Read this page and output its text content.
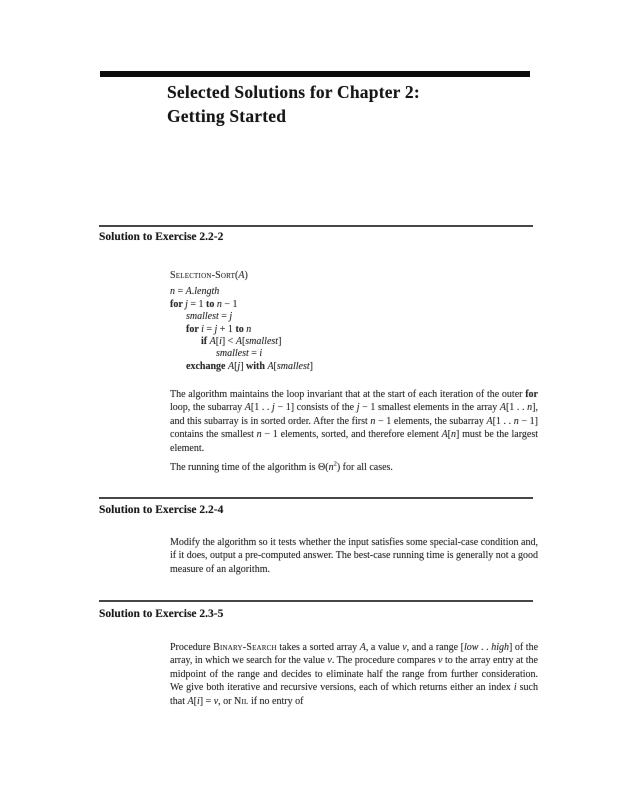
Selected Solutions for Chapter 2:
Getting Started
Solution to Exercise 2.2-2
Selection-Sort(A)
n = A.length
for j = 1 to n − 1
smallest = j
for i = j + 1 to n
if A[i] < A[smallest]
smallest = i
exchange A[j] with A[smallest]

The algorithm maintains the loop invariant that at the start of each iteration of the outer for loop, the subarray A[1 . . j − 1] consists of the j − 1 smallest elements in the array A[1 . . n], and this subarray is in sorted order. After the first n − 1 elements, the subarray A[1 . . n − 1] contains the smallest n − 1 elements, sorted, and therefore element A[n] must be the largest element.

The running time of the algorithm is $\Theta(n^2)$ for all cases.

Solution to Exercise 2.2-4

Modify the algorithm so it tests whether the input satisfies some special-case condition and, if it does, output a pre-computed answer. The best-case running time is generally not a good measure of an algorithm.

Solution to Exercise 2.3-5

Procedure Binary-Search takes a sorted array A, a value v, and a range [low . . high] of the array, in which we search for the value v. The procedure compares v to the array entry at the midpoint of the range and decides to eliminate half the range from further consideration. We give both iterative and recursive versions, each of which returns either an index i such that A[i] = v, or Nil if no entry of
